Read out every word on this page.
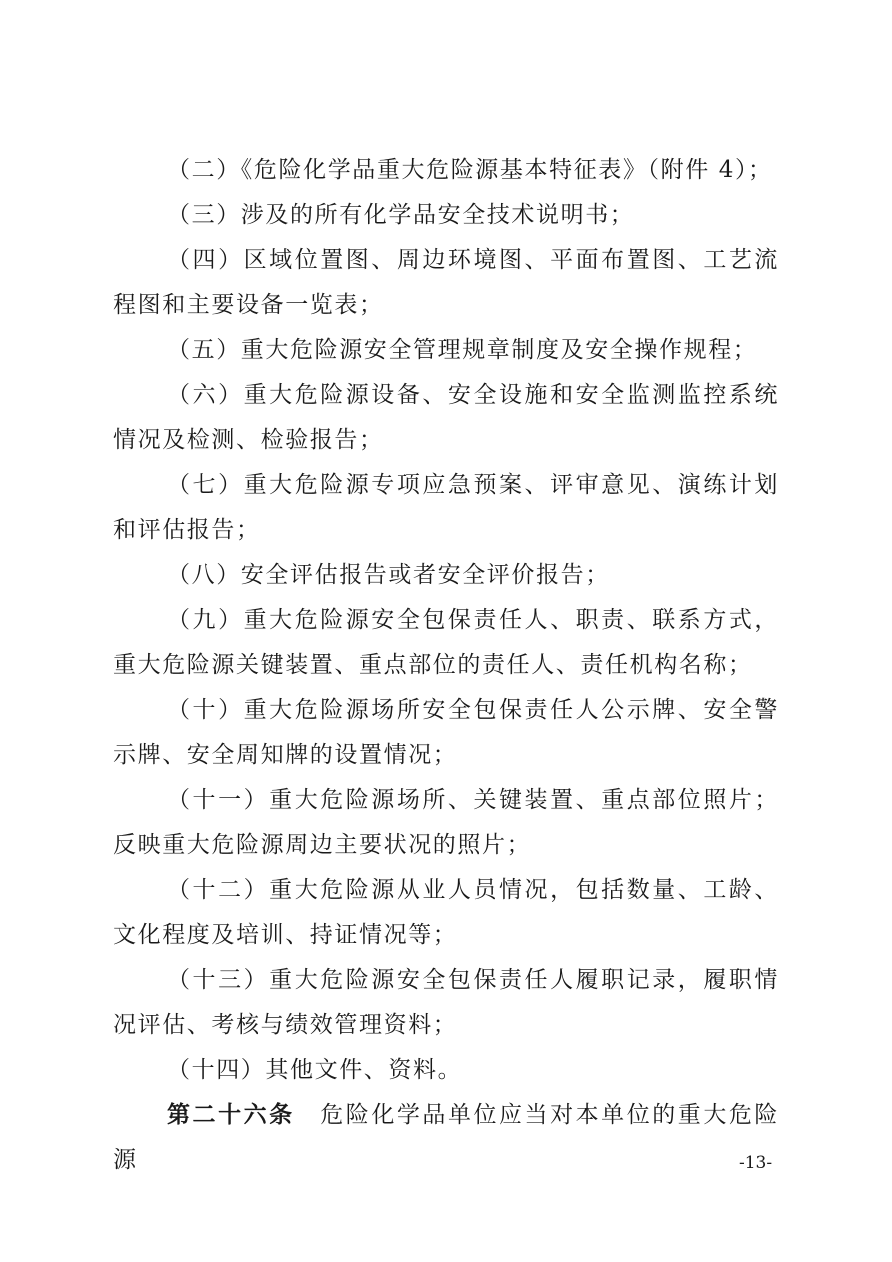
（二）《危险化学品重大危险源基本特征表》（附件 4）；

（三）涉及的所有化学品安全技术说明书；

（四）区域位置图、周边环境图、平面布置图、工艺流程图和主要设备一览表；

（五）重大危险源安全管理规章制度及安全操作规程；

（六）重大危险源设备、安全设施和安全监测监控系统情况及检测、检验报告；

（七）重大危险源专项应急预案、评审意见、演练计划和评估报告；

（八）安全评估报告或者安全评价报告；

（九）重大危险源安全包保责任人、职责、联系方式，重大危险源关键装置、重点部位的责任人、责任机构名称；

（十）重大危险源场所安全包保责任人公示牌、安全警示牌、安全周知牌的设置情况；

（十一）重大危险源场所、关键装置、重点部位照片；反映重大危险源周边主要状况的照片；

（十二）重大危险源从业人员情况，包括数量、工龄、文化程度及培训、持证情况等；

（十三）重大危险源安全包保责任人履职记录，履职情况评估、考核与绩效管理资料；

（十四）其他文件、资料。

第二十六条  危险化学品单位应当对本单位的重大危险源	-13-
